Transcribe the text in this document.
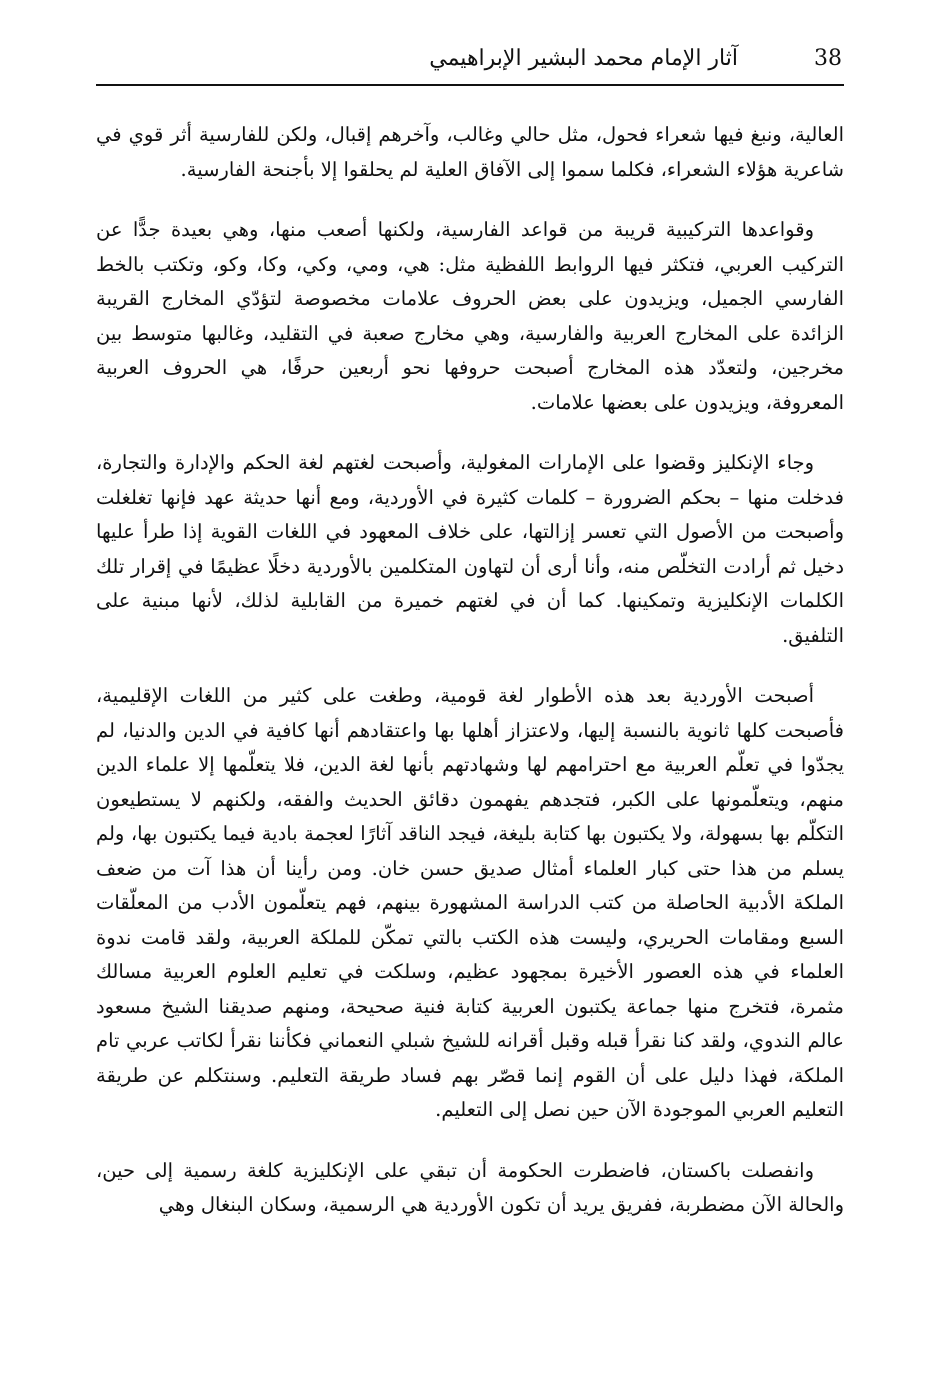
38
آثار الإمام محمد البشير الإبراهيمي

العالية، ونبغ فيها شعراء فحول، مثل حالي وغالب، وآخرهم إقبال، ولكن للفارسية أثر قوي في شاعرية هؤلاء الشعراء، فكلما سموا إلى الآفاق العلية لم يحلقوا إلا بأجنحة الفارسية.

وقواعدها التركيبية قريبة من قواعد الفارسية، ولكنها أصعب منها، وهي بعيدة جدًّا عن التركيب العربي، فتكثر فيها الروابط اللفظية مثل: هي، ومي، وكي، وكا، وكو، وتكتب بالخط الفارسي الجميل، ويزيدون على بعض الحروف علامات مخصوصة لتؤدّي المخارج القريبة الزائدة على المخارج العربية والفارسية، وهي مخارج صعبة في التقليد، وغالبها متوسط بين مخرجين، ولتعدّد هذه المخارج أصبحت حروفها نحو أربعين حرفًا، هي الحروف العربية المعروفة، ويزيدون على بعضها علامات.

وجاء الإنكليز وقضوا على الإمارات المغولية، وأصبحت لغتهم لغة الحكم والإدارة والتجارة، فدخلت منها – بحكم الضرورة – كلمات كثيرة في الأوردية، ومع أنها حديثة عهد فإنها تغلغلت وأصبحت من الأصول التي تعسر إزالتها، على خلاف المعهود في اللغات القوية إذا طرأ عليها دخيل ثم أرادت التخلّص منه، وأنا أرى أن لتهاون المتكلمين بالأوردية دخلًا عظيمًا في إقرار تلك الكلمات الإنكليزية وتمكينها. كما أن في لغتهم خميرة من القابلية لذلك، لأنها مبنية على التلفيق.

أصبحت الأوردية بعد هذه الأطوار لغة قومية، وطغت على كثير من اللغات الإقليمية، فأصبحت كلها ثانوية بالنسبة إليها، ولاعتزاز أهلها بها واعتقادهم أنها كافية في الدين والدنيا، لم يجدّوا في تعلّم العربية مع احترامهم لها وشهادتهم بأنها لغة الدين، فلا يتعلّمها إلا علماء الدين منهم، ويتعلّمونها على الكبر، فتجدهم يفهمون دقائق الحديث والفقه، ولكنهم لا يستطيعون التكلّم بها بسهولة، ولا يكتبون بها كتابة بليغة، فيجد الناقد آثارًا لعجمة بادية فيما يكتبون بها، ولم يسلم من هذا حتى كبار العلماء أمثال صديق حسن خان. ومن رأينا أن هذا آت من ضعف الملكة الأدبية الحاصلة من كتب الدراسة المشهورة بينهم، فهم يتعلّمون الأدب من المعلّقات السبع ومقامات الحريري، وليست هذه الكتب بالتي تمكّن للملكة العربية، ولقد قامت ندوة العلماء في هذه العصور الأخيرة بمجهود عظيم، وسلكت في تعليم العلوم العربية مسالك مثمرة، فتخرج منها جماعة يكتبون العربية كتابة فنية صحيحة، ومنهم صديقنا الشيخ مسعود عالم الندوي، ولقد كنا نقرأ قبله وقبل أقرانه للشيخ شبلي النعماني فكأننا نقرأ لكاتب عربي تام الملكة، فهذا دليل على أن القوم إنما قصّر بهم فساد طريقة التعليم. وسنتكلم عن طريقة التعليم العربي الموجودة الآن حين نصل إلى التعليم.

وانفصلت باكستان، فاضطرت الحكومة أن تبقي على الإنكليزية كلغة رسمية إلى حين، والحالة الآن مضطربة، ففريق يريد أن تكون الأوردية هي الرسمية، وسكان البنغال وهي
